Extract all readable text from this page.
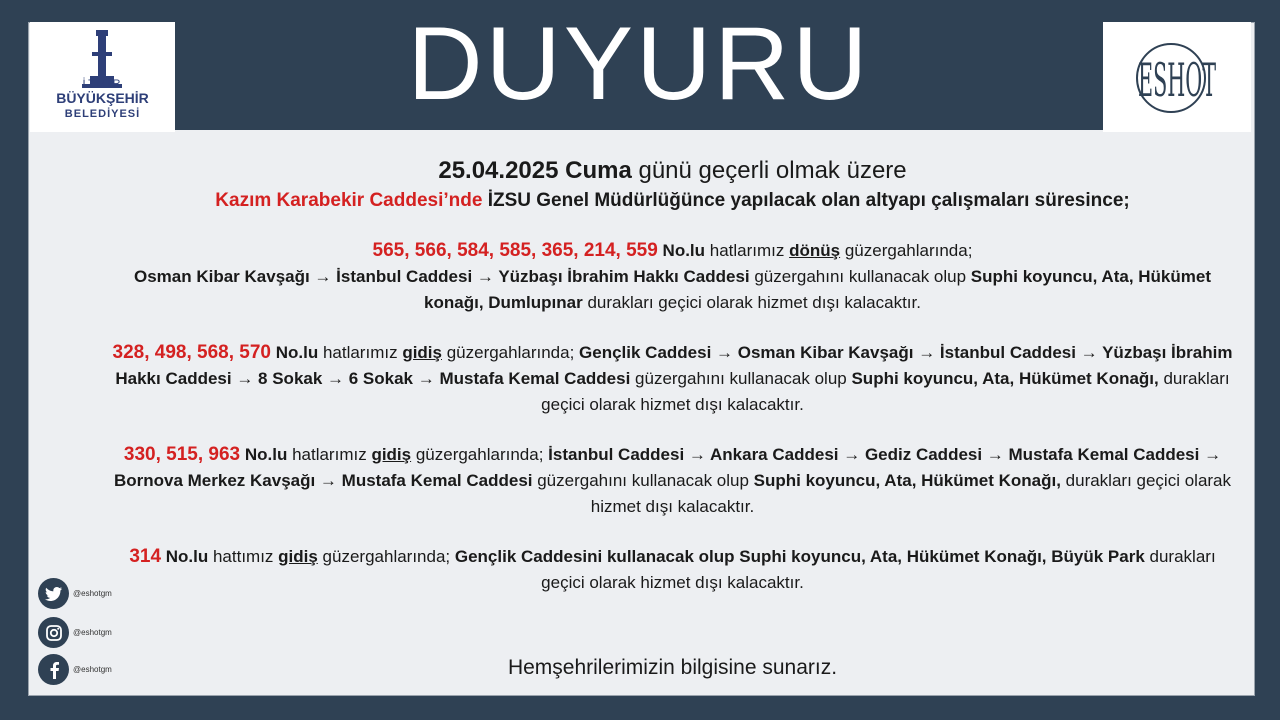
DUYURU
İZMİR
BÜYÜKŞEHİR
BELEDİYESİ
ESHOT

25.04.2025 Cuma günü geçerli olmak üzere

Kazım Karabekir Caddesi’nde İZSU Genel Müdürlüğünce yapılacak olan altyapı çalışmaları süresince;

565, 566, 584, 585, 365, 214, 559 No.lu hatlarımız dönüş güzergahlarında;
Osman Kibar Kavşağı → İstanbul Caddesi → Yüzbaşı İbrahim Hakkı Caddesi güzergahını kullanacak olup Suphi koyuncu, Ata, Hükümet konağı, Dumlupınar durakları geçici olarak hizmet dışı kalacaktır.

328, 498, 568, 570 No.lu hatlarımız gidiş güzergahlarında; Gençlik Caddesi → Osman Kibar Kavşağı → İstanbul Caddesi → Yüzbaşı İbrahim Hakkı Caddesi → 8 Sokak → 6 Sokak → Mustafa Kemal Caddesi güzergahını kullanacak olup Suphi koyuncu, Ata, Hükümet Konağı, durakları geçici olarak hizmet dışı kalacaktır.

330, 515, 963 No.lu hatlarımız gidiş güzergahlarında; İstanbul Caddesi → Ankara Caddesi → Gediz Caddesi → Mustafa Kemal Caddesi → Bornova Merkez Kavşağı → Mustafa Kemal Caddesi güzergahını kullanacak olup Suphi koyuncu, Ata, Hükümet Konağı, durakları geçici olarak hizmet dışı kalacaktır.

314 No.lu hattımız gidiş güzergahlarında; Gençlik Caddesini kullanacak olup Suphi koyuncu, Ata, Hükümet Konağı, Büyük Park durakları geçici olarak hizmet dışı kalacaktır.

@eshotgm
@eshotgm
@eshotgm	Hemşehrilerimizin bilgisine sunarız.
